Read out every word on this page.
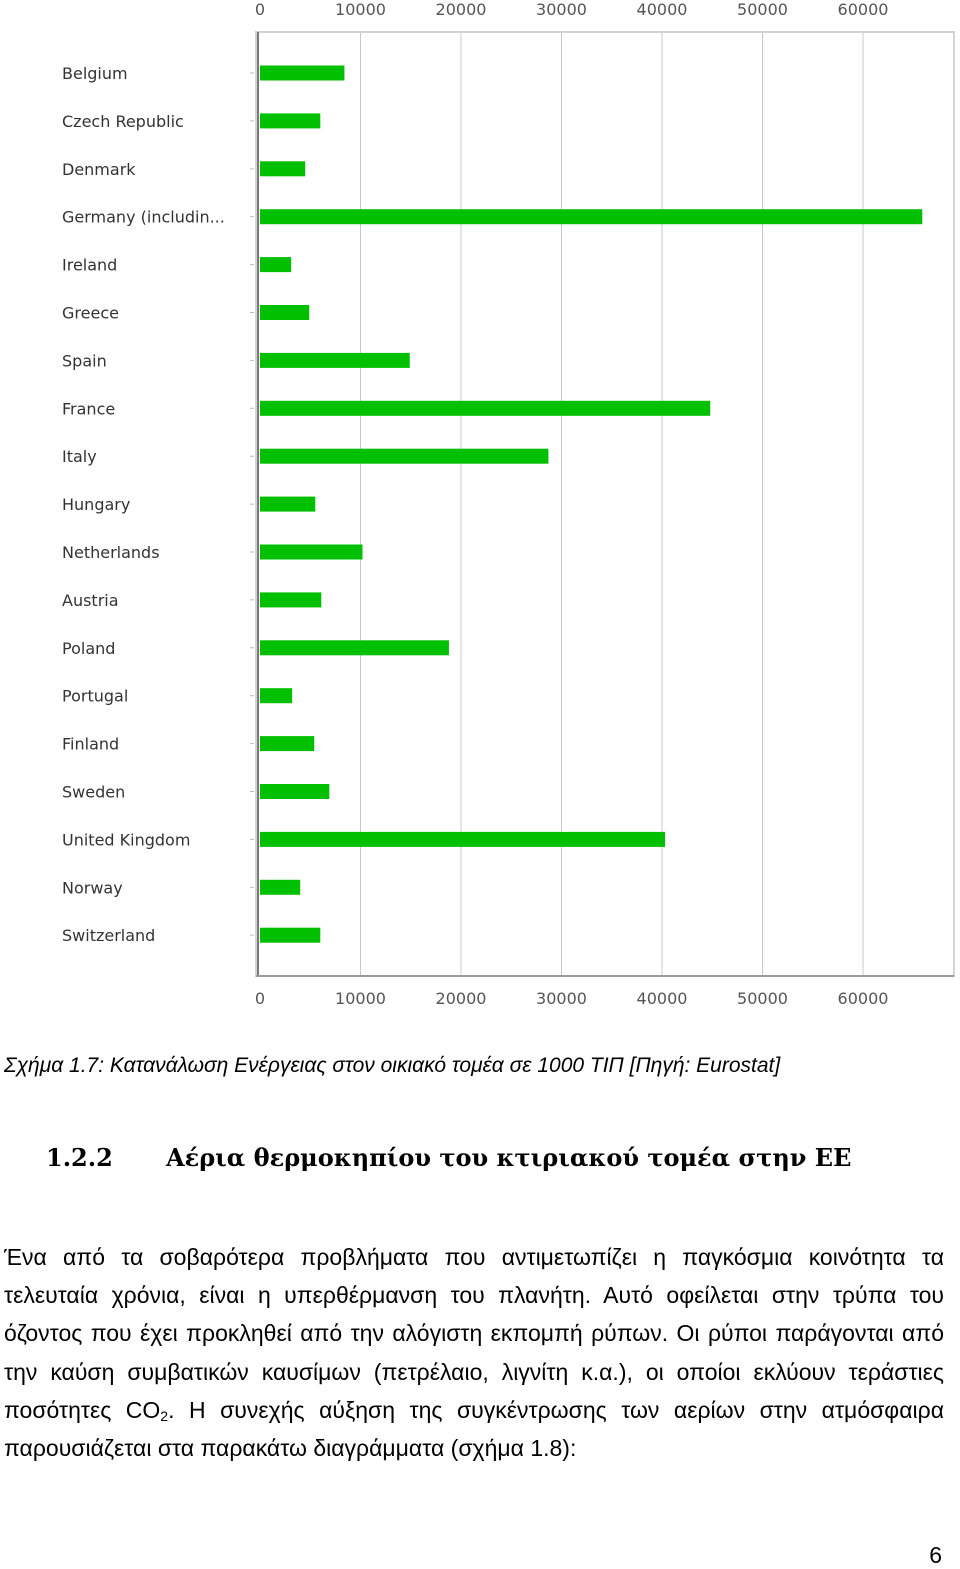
Belgium
Czech Republic
Denmark
Germany (includin...
Ireland
Greece
Spain
France
Italy
Hungary
Netherlands
Austria
Poland
Portugal
Finland
Sweden
United Kingdom
Norway
Switzerland
0	10000	20000	30000	40000	50000	60000
0	10000	20000	30000	40000	50000	60000
Σχήμα 1.7: Κατανάλωση Ενέργειας στον οικιακό τομέα σε 1000 ΤΙΠ [Πηγή: Eurostat]
1.2.2 Αέρια θερμοκηπίου του κτιριακού τομέα στην ΕΕ
Ένα από τα σοβαρότερα προβλήματα που αντιμετωπίζει η παγκόσμια κοινότητα τα τελευταία χρόνια, είναι η υπερθέρμανση του πλανήτη. Αυτό οφείλεται στην τρύπα του όζοντος που έχει προκληθεί από την αλόγιστη εκπομπή ρύπων. Οι ρύποι παράγονται από την καύση συμβατικών καυσίμων (πετρέλαιο, λιγνίτη κ.α.), οι οποίοι εκλύουν τεράστιες ποσότητες $CO_2$. Η συνεχής αύξηση της συγκέντρωσης των αερίων στην ατμόσφαιρα παρουσιάζεται στα παρακάτω διαγράμματα (σχήμα 1.8):
6
